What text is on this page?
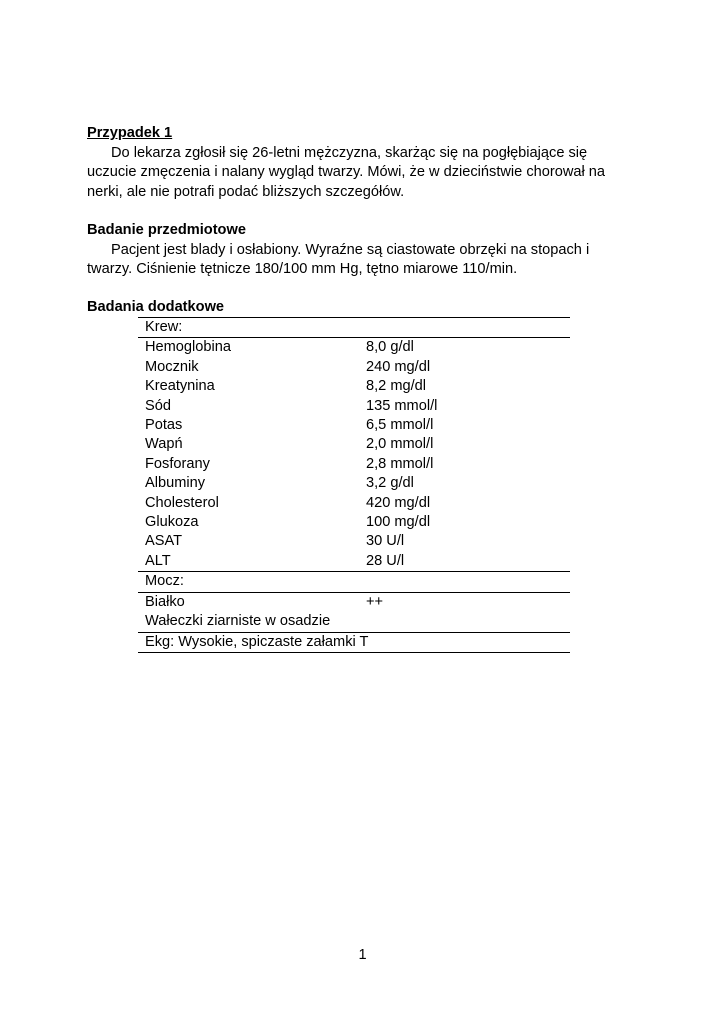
Przypadek 1

Do lekarza zgłosił się 26-letni mężczyzna, skarżąc się na pogłębiające się uczucie zmęczenia i nalany wygląd twarzy. Mówi, że w dzieciństwie chorował na nerki, ale nie potrafi podać bliższych szczegółów.

Badanie przedmiotowe

Pacjent jest blady i osłabiony. Wyraźne są ciastowate obrzęki na stopach i twarzy. Ciśnienie tętnicze 180/100 mm Hg, tętno miarowe 110/min.

Badania dodatkowe

Krew:	
Hemoglobina	8,0 g/dl
Mocznik	240 mg/dl
Kreatynina	8,2 mg/dl
Sód	135 mmol/l
Potas	6,5 mmol/l
Wapń	2,0 mmol/l
Fosforany	2,8 mmol/l
Albuminy	3,2 g/dl
Cholesterol	420 mg/dl
Glukoza	100 mg/dl
ASAT	30 U/l
ALT	28 U/l
Mocz:	
Białko	++
Wałeczki ziarniste w osadzie	
Ekg: Wysokie, spiczaste załamki T	
1
